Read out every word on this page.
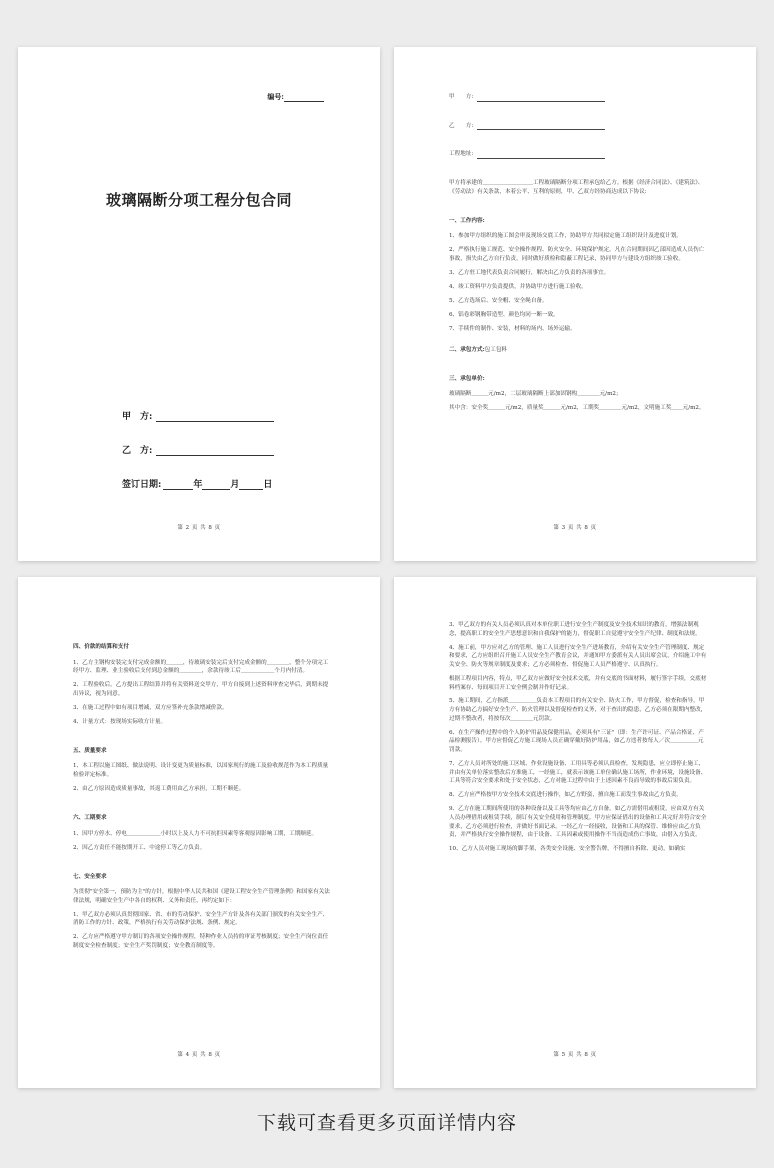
编号:
玻璃隔断分项工程分包合同
甲　方:
乙　方:
签订日期:	年	月	日
第 2 页 共 8 页
甲　　方:
乙　　方:
工程地址:

甲方将承建的＿＿＿＿＿＿＿＿＿工程玻璃隔断分项工程承包给乙方。根据《经济合同法》、《建筑法》、《劳动法》有关条款，本着公平、互利的原则，甲、乙双方经协商达成以下协议:

一、工作内容:

1、参加甲方组织的施工图会审及现场交底工作，协助甲方共同拟定施工组织设计及进度计划。

2、严格执行施工规范、安全操作规程、防火安全、环境保护规定，凡在合同期间因乙部因造成人员伤亡事故，损失由乙方自行负责，同时做好质检和隐蔽工程记录，协同甲方与建设方组织竣工验收。

3、乙方驻工地代表负责合同履行，解决由乙方负责的各项事宜。

4、竣工资料甲方负责提供，并协助甲方进行施工验收。

5、乙方选场后、安全帽、安全绳自备。

6、铝卷彩钢胸带造型、颜色均同一断一致。

7、手续件的制作、安装，材料的场内、场外运输。

二、承包方式:包工包料

三、承包单价:

玻璃隔断＿＿＿元/m2，二层玻璃隔断上部加固钢构＿＿＿＿元/m2；

其中含：安全奖＿＿＿元/m2，质量奖＿＿＿元/m2，工期奖＿＿＿＿元/m2，文明施工奖＿＿元/m2。

第 3 页 共 8 页

四、价款的结算和支付

1、乙方主钢构安装完支付完成金额的＿＿＿，待玻璃安装完后支付完成金额的＿＿＿＿，整个分项完工经甲方、监理、业主验收后支付到总金额的＿＿＿＿，余款待竣工后＿＿＿＿＿＿个月内付清。

2、工程验收后，乙方提出工程结算并将有关资料送交甲方，甲方自接到上述资料审查完毕后，到期未提出异议，视为同意。

3、在施工过程中如有项目增减，双方应签补充条款增减价款。

4、计量方式：按现场实际收方计量。

五、质量要求

1、本工程以施工图纸、做法说明、设计变更为质量标准，以国家现行的施工及验收规范作为本工程质量检验评定标准。

2、由乙方原因造成质量事故，其返工费用由乙方承担，工期不顺延。

六、工期要求

1、因甲方停水、停电＿＿＿＿＿＿小时以上及人力不可抗拒因素等客观原因影响工期，工期顺延。

2、因乙方责任不能按期开工、中途停工等乙方负责。

七、安全要求

为贯彻"安全第一，预防为主"的方针，根据中华人民共和国《建设工程安全生产管理条例》和国家有关法律法规，明确安全生产中各自的权利、义务和责任，再约定如下：

1、甲乙双方必须认真贯彻国家、省、市的劳动保护、安全生产方针及各有关部门颁发的有关安全生产、消防工作的方针、政策，严格执行有关劳动保护法规、条例、规定。

2、乙方应严格遵守甲方制订的各项安全操作规程，特种作业人员持的审证考核制度；安全生产岗位责任制度安全检查制度；安全生产奖罚制度；安全教育制度等。

第 4 页 共 8 页

3、甲乙双方的有关人员必须认真对本单位职工进行安全生产制度及安全技术知识的教育，增强法制观念，提高职工的安全生产思想意识和自我保护的能力，督促职工自觉遵守安全生产纪律、制度和法规。

4、施工前，甲方应对乙方的管理、施工人员进行安全生产进场教育，介绍有关安全生产管理制度、规定和要求，乙方应组织召开施工人员安全生产教育会议，并通知甲方委派有关人员出席会议，介绍施工中有关安全、防火等规章制度及要求；乙方必须检查、督促施工人员严格遵守、认真执行。

根据工程项目内容，特点，甲乙双方应做好安全技术交底，并有交底的书面材料，履行签字手续，交底材料档案存、每间项目开工安全例会制并作好记录。

5、施工期间，乙方指派＿＿＿＿＿负责本工程项目的有关安全、防火工作，甲方督促，检查和指导，甲方有协助乙方搞好安全生产、防火管理以及督促检查的义务，对于查出的隐患，乙方必须在限期内整改，过期不整改者，将按每次＿＿＿＿元罚款。

6、在生产操作过程中的个人防护用品及保健用品，必须具有"三证"（即：生产许可证、产品合格证、产品检测报告）。甲方应督促乙方施工现场人员正确穿戴好防护用品，如乙方违者按每人／次＿＿＿＿＿元罚款。

7、乙方人员对所处的施工区域、作业设施设备、工用具等必须认真检查，发现隐患，应立即停止施工，并由有关单位落实整改后方准施工，一经施工，就表示该施工单位确认施工场所，作业环境，设施设备、工具等符合安全要求和处于安全状态，乙方对施工过程中由于上述因素不良而导致的事故后果负责。

8、乙方应严格按甲方安全技术交底进行操作，如乙方野蛮，擅自施工而发生事故由乙方负责。

9、乙方在施工期间所使用的各种设备以及工具等均应由乙方自备，如乙方需借用或租赁，应由双方有关人员办理借用或租赁手续，制订有关安全使用和管理制度。甲方应保证借出的设备和工具完好并符合安全要求，乙方必须进行检查，并做好书面记录。一经乙方一经接收，设备和工具的保管、维修应由乙方负责，并严格执行安全操作规程，由于设备、工具因素或使用操作不当而造成伤亡事故，由借入方负责。

10、乙方人员对施工现场的脚手架，各类安全设施、安全警告牌，不得擅自拆除、更动，如确实

第 5 页 共 8 页
下载可查看更多页面详情内容
